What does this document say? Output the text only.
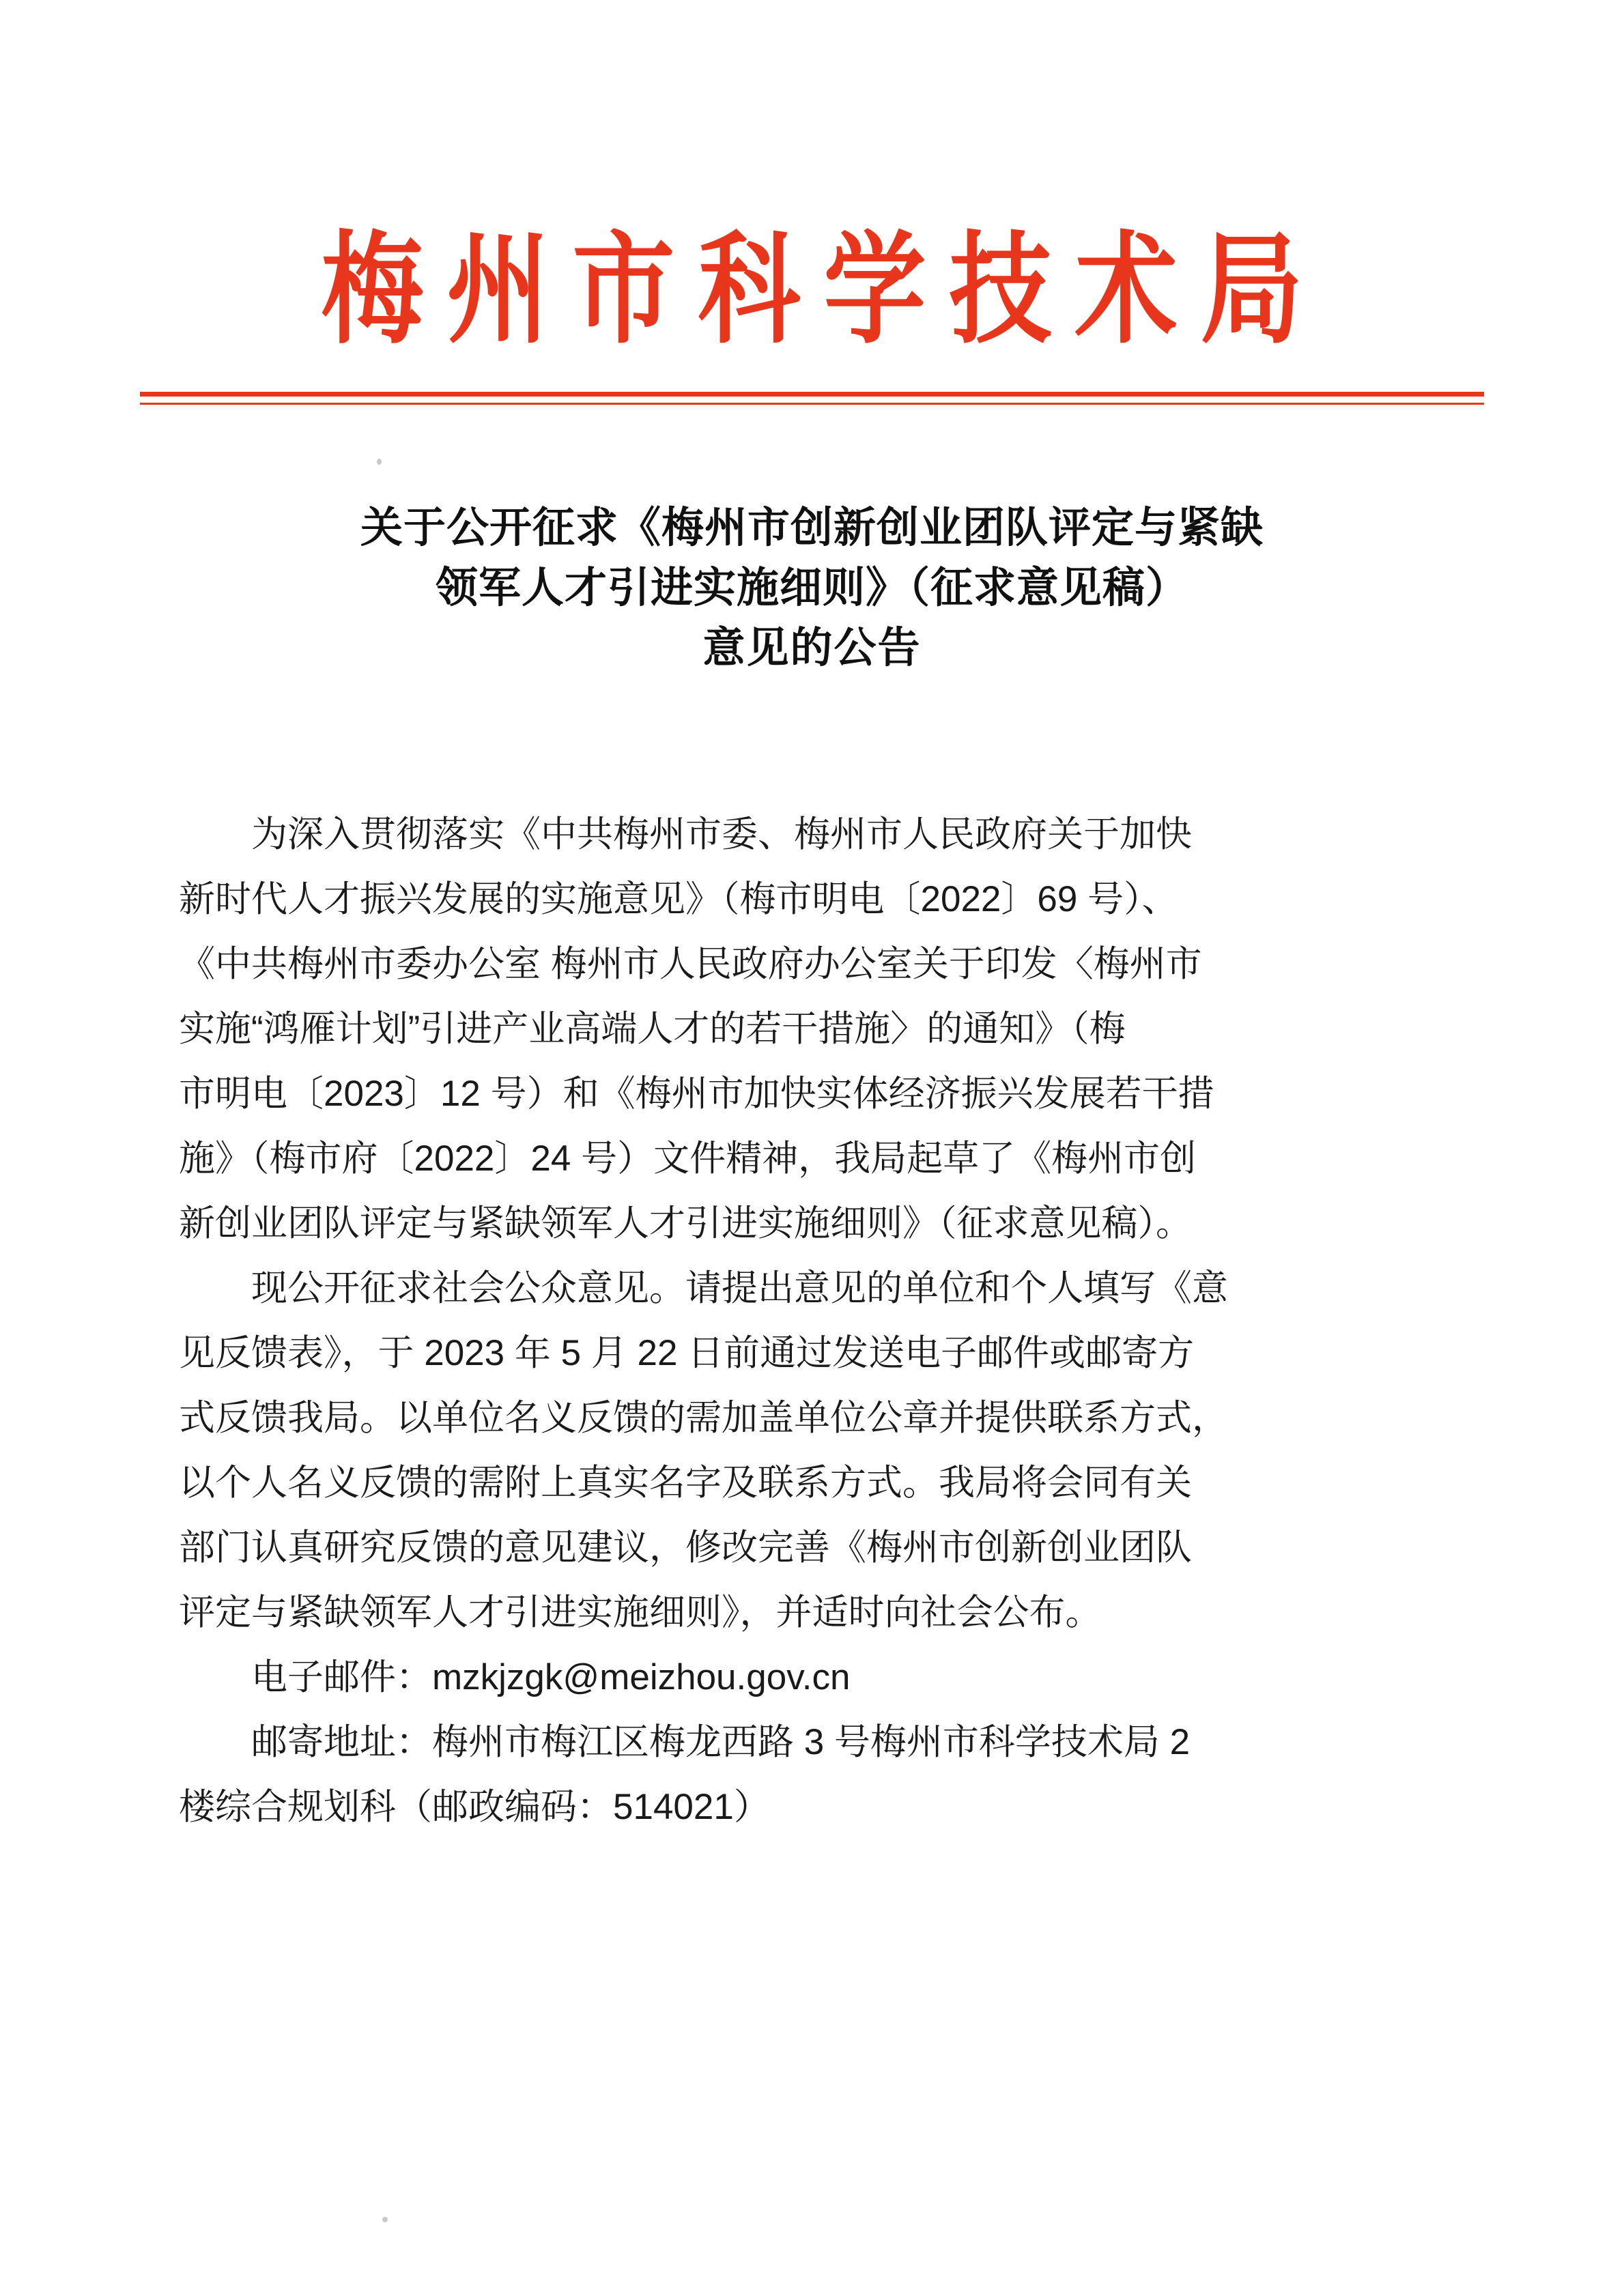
梅州市科学技术局
关于公开征求《梅州市创新创业团队评定与紧缺
领军人才引进实施细则》（征求意见稿）
意见的公告
　　为深入贯彻落实《中共梅州市委、梅州市人民政府关于加快
新时代人才振兴发展的实施意见》（梅市明电〔2022〕69 号）、
《中共梅州市委办公室 梅州市人民政府办公室关于印发〈梅州市
实施“鸿雁计划”引进产业高端人才的若干措施〉的通知》（梅
市明电〔2023〕12 号）和《梅州市加快实体经济振兴发展若干措
施》（梅市府〔2022〕24 号）文件精神，我局起草了《梅州市创
新创业团队评定与紧缺领军人才引进实施细则》（征求意见稿）。
　　现公开征求社会公众意见。请提出意见的单位和个人填写《意
见反馈表》，于 2023 年 5 月 22 日前通过发送电子邮件或邮寄方
式反馈我局。以单位名义反馈的需加盖单位公章并提供联系方式，
以个人名义反馈的需附上真实名字及联系方式。我局将会同有关
部门认真研究反馈的意见建议，修改完善《梅州市创新创业团队
评定与紧缺领军人才引进实施细则》，并适时向社会公布。
　　电子邮件：mzkjzgk@meizhou.gov.cn
　　邮寄地址：梅州市梅江区梅龙西路 3 号梅州市科学技术局 2
楼综合规划科（邮政编码：514021）
